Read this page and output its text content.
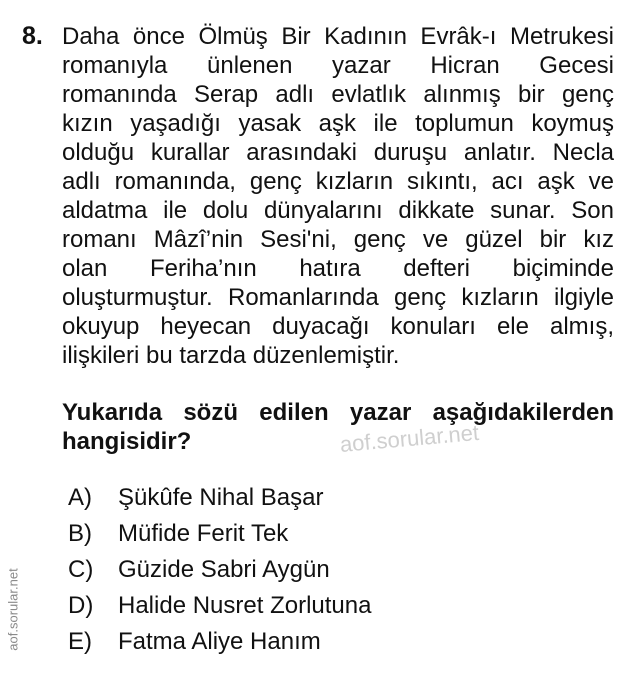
8. Daha önce Ölmüş Bir Kadının Evrâk-ı Metrukesi
romanıyla ünlenen yazar Hicran Gecesi
romanında Serap adlı evlatlık alınmış bir genç
kızın yaşadığı yasak aşk ile toplumun koymuş
olduğu kurallar arasındaki duruşu anlatır. Necla
adlı romanında, genç kızların sıkıntı, acı aşk ve
aldatma ile dolu dünyalarını dikkate sunar. Son
romanı Mâzî’nin Sesi'ni, genç ve güzel bir kız
olan Feriha’nın hatıra defteri biçiminde
oluşturmuştur. Romanlarında genç kızların ilgiyle
okuyup heyecan duyacağı konuları ele almış,
ilişkileri bu tarzda düzenlemiştir.
Yukarıda sözü edilen yazar aşağıdakilerden
hangisidir?	aof.sorular.net
aof.sorular.net
A)	Şükûfe Nihal Başar
B)	Müfide Ferit Tek
C)	Güzide Sabri Aygün
D)	Halide Nusret Zorlutuna
E)	Fatma Aliye Hanım
